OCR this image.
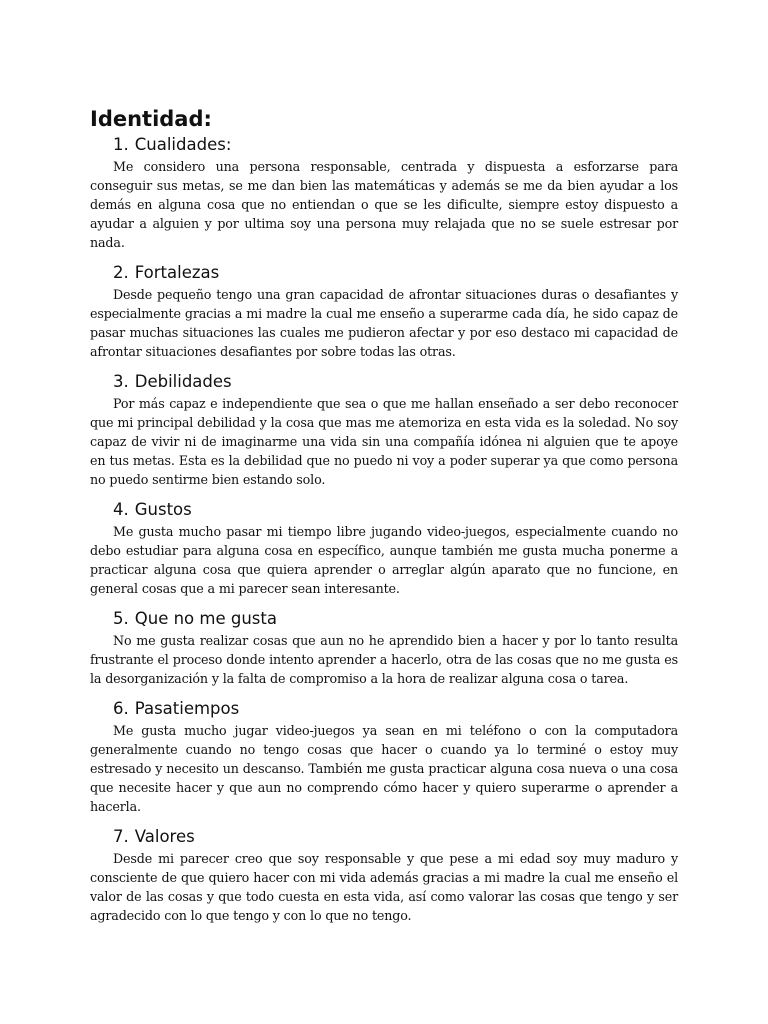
Identidad:
1. Cualidades:

Me considero una persona responsable, centrada y dispuesta a esforzarse para conseguir sus metas, se me dan bien las matemáticas y además se me da bien ayudar a los demás en alguna cosa que no entiendan o que se les dificulte, siempre estoy dispuesto a ayudar a alguien y por ultima soy una persona muy relajada que no se suele estresar por nada.

2. Fortalezas

Desde pequeño tengo una gran capacidad de afrontar situaciones duras o desafiantes y especialmente gracias a mi madre la cual me enseño a superarme cada día, he sido capaz de pasar muchas situaciones las cuales me pudieron afectar y por eso destaco mi capacidad de afrontar situaciones desafiantes por sobre todas las otras.

3. Debilidades

Por más capaz e independiente que sea o que me hallan enseñado a ser debo reconocer que mi principal debilidad y la cosa que mas me atemoriza en esta vida es la soledad. No soy capaz de vivir ni de imaginarme una vida sin una compañía idónea ni alguien que te apoye en tus metas. Esta es la debilidad que no puedo ni voy a poder superar ya que como persona no puedo sentirme bien estando solo.

4. Gustos

Me gusta mucho pasar mi tiempo libre jugando video-juegos, especialmente cuando no debo estudiar para alguna cosa en específico, aunque también me gusta mucha ponerme a practicar alguna cosa que quiera aprender o arreglar algún aparato que no funcione, en general cosas que a mi parecer sean interesante.

5. Que no me gusta

No me gusta realizar cosas que aun no he aprendido bien a hacer y por lo tanto resulta frustrante el proceso donde intento aprender a hacerlo, otra de las cosas que no me gusta es la desorganización y la falta de compromiso a la hora de realizar alguna cosa o tarea.

6. Pasatiempos

Me gusta mucho jugar video-juegos ya sean en mi teléfono o con la computadora generalmente cuando no tengo cosas que hacer o cuando ya lo terminé o estoy muy estresado y necesito un descanso. También me gusta practicar alguna cosa nueva o una cosa que necesite hacer y que aun no comprendo cómo hacer y quiero superarme o aprender a hacerla.

7. Valores

Desde mi parecer creo que soy responsable y que pese a mi edad soy muy maduro y consciente de que quiero hacer con mi vida además gracias a mi madre la cual me enseño el valor de las cosas y que todo cuesta en esta vida, así como valorar las cosas que tengo y ser agradecido con lo que tengo y con lo que no tengo.
